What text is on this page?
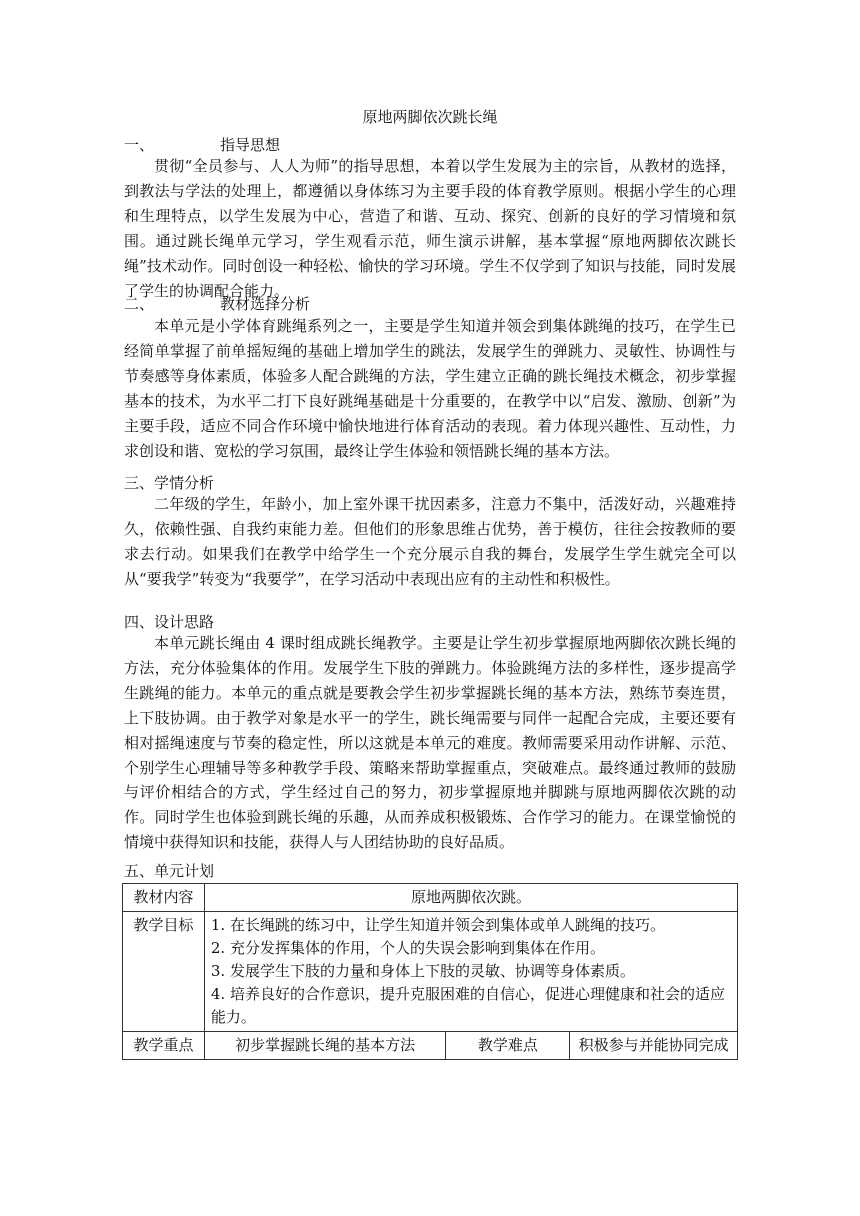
原地两脚依次跳长绳
一、	指导思想

贯彻“全员参与、人人为师”的指导思想，本着以学生发展为主的宗旨，从教材的选择，到教法与学法的处理上，都遵循以身体练习为主要手段的体育教学原则。根据小学生的心理和生理特点，以学生发展为中心，营造了和谐、互动、探究、创新的良好的学习情境和氛围。通过跳长绳单元学习，学生观看示范，师生演示讲解，基本掌握“原地两脚依次跳长绳”技术动作。同时创设一种轻松、愉快的学习环境。学生不仅学到了知识与技能，同时发展了学生的协调配合能力。

二、	教材选择分析

本单元是小学体育跳绳系列之一，主要是学生知道并领会到集体跳绳的技巧，在学生已经简单掌握了前单摇短绳的基础上增加学生的跳法，发展学生的弹跳力、灵敏性、协调性与节奏感等身体素质，体验多人配合跳绳的方法，学生建立正确的跳长绳技术概念，初步掌握基本的技术，为水平二打下良好跳绳基础是十分重要的，在教学中以“启发、激励、创新”为主要手段，适应不同合作环境中愉快地进行体育活动的表现。着力体现兴趣性、互动性，力求创设和谐、宽松的学习氛围，最终让学生体验和领悟跳长绳的基本方法。

三、学情分析

二年级的学生，年龄小，加上室外课干扰因素多，注意力不集中，活泼好动，兴趣难持久，依赖性强、自我约束能力差。但他们的形象思维占优势，善于模仿，往往会按教师的要求去行动。如果我们在教学中给学生一个充分展示自我的舞台，发展学生学生就完全可以从“要我学”转变为“我要学”，在学习活动中表现出应有的主动性和积极性。

四、设计思路

本单元跳长绳由 4 课时组成跳长绳教学。主要是让学生初步掌握原地两脚依次跳长绳的方法，充分体验集体的作用。发展学生下肢的弹跳力。体验跳绳方法的多样性，逐步提高学生跳绳的能力。本单元的重点就是要教会学生初步掌握跳长绳的基本方法，熟练节奏连贯，上下肢协调。由于教学对象是水平一的学生，跳长绳需要与同伴一起配合完成，主要还要有相对摇绳速度与节奏的稳定性，所以这就是本单元的难度。教师需要采用动作讲解、示范、个别学生心理辅导等多种教学手段、策略来帮助掌握重点，突破难点。最终通过教师的鼓励与评价相结合的方式，学生经过自己的努力，初步掌握原地并脚跳与原地两脚依次跳的动作。同时学生也体验到跳长绳的乐趣，从而养成积极锻炼、合作学习的能力。在课堂愉悦的情境中获得知识和技能，获得人与人团结协助的良好品质。

五、单元计划
教材内容	原地两脚依次跳。		
教学目标	1. 在长绳跳的练习中，让学生知道并领会到集体或单人跳绳的技巧。
2. 充分发挥集体的作用，个人的失误会影响到集体在作用。
3. 发展学生下肢的力量和身体上下肢的灵敏、协调等身体素质。
4. 培养良好的合作意识，提升克服困难的自信心，促进心理健康和社会的适应能力。		

教学重点	初步掌握跳长绳的基本方法	教学难点	积极参与并能协同完成
